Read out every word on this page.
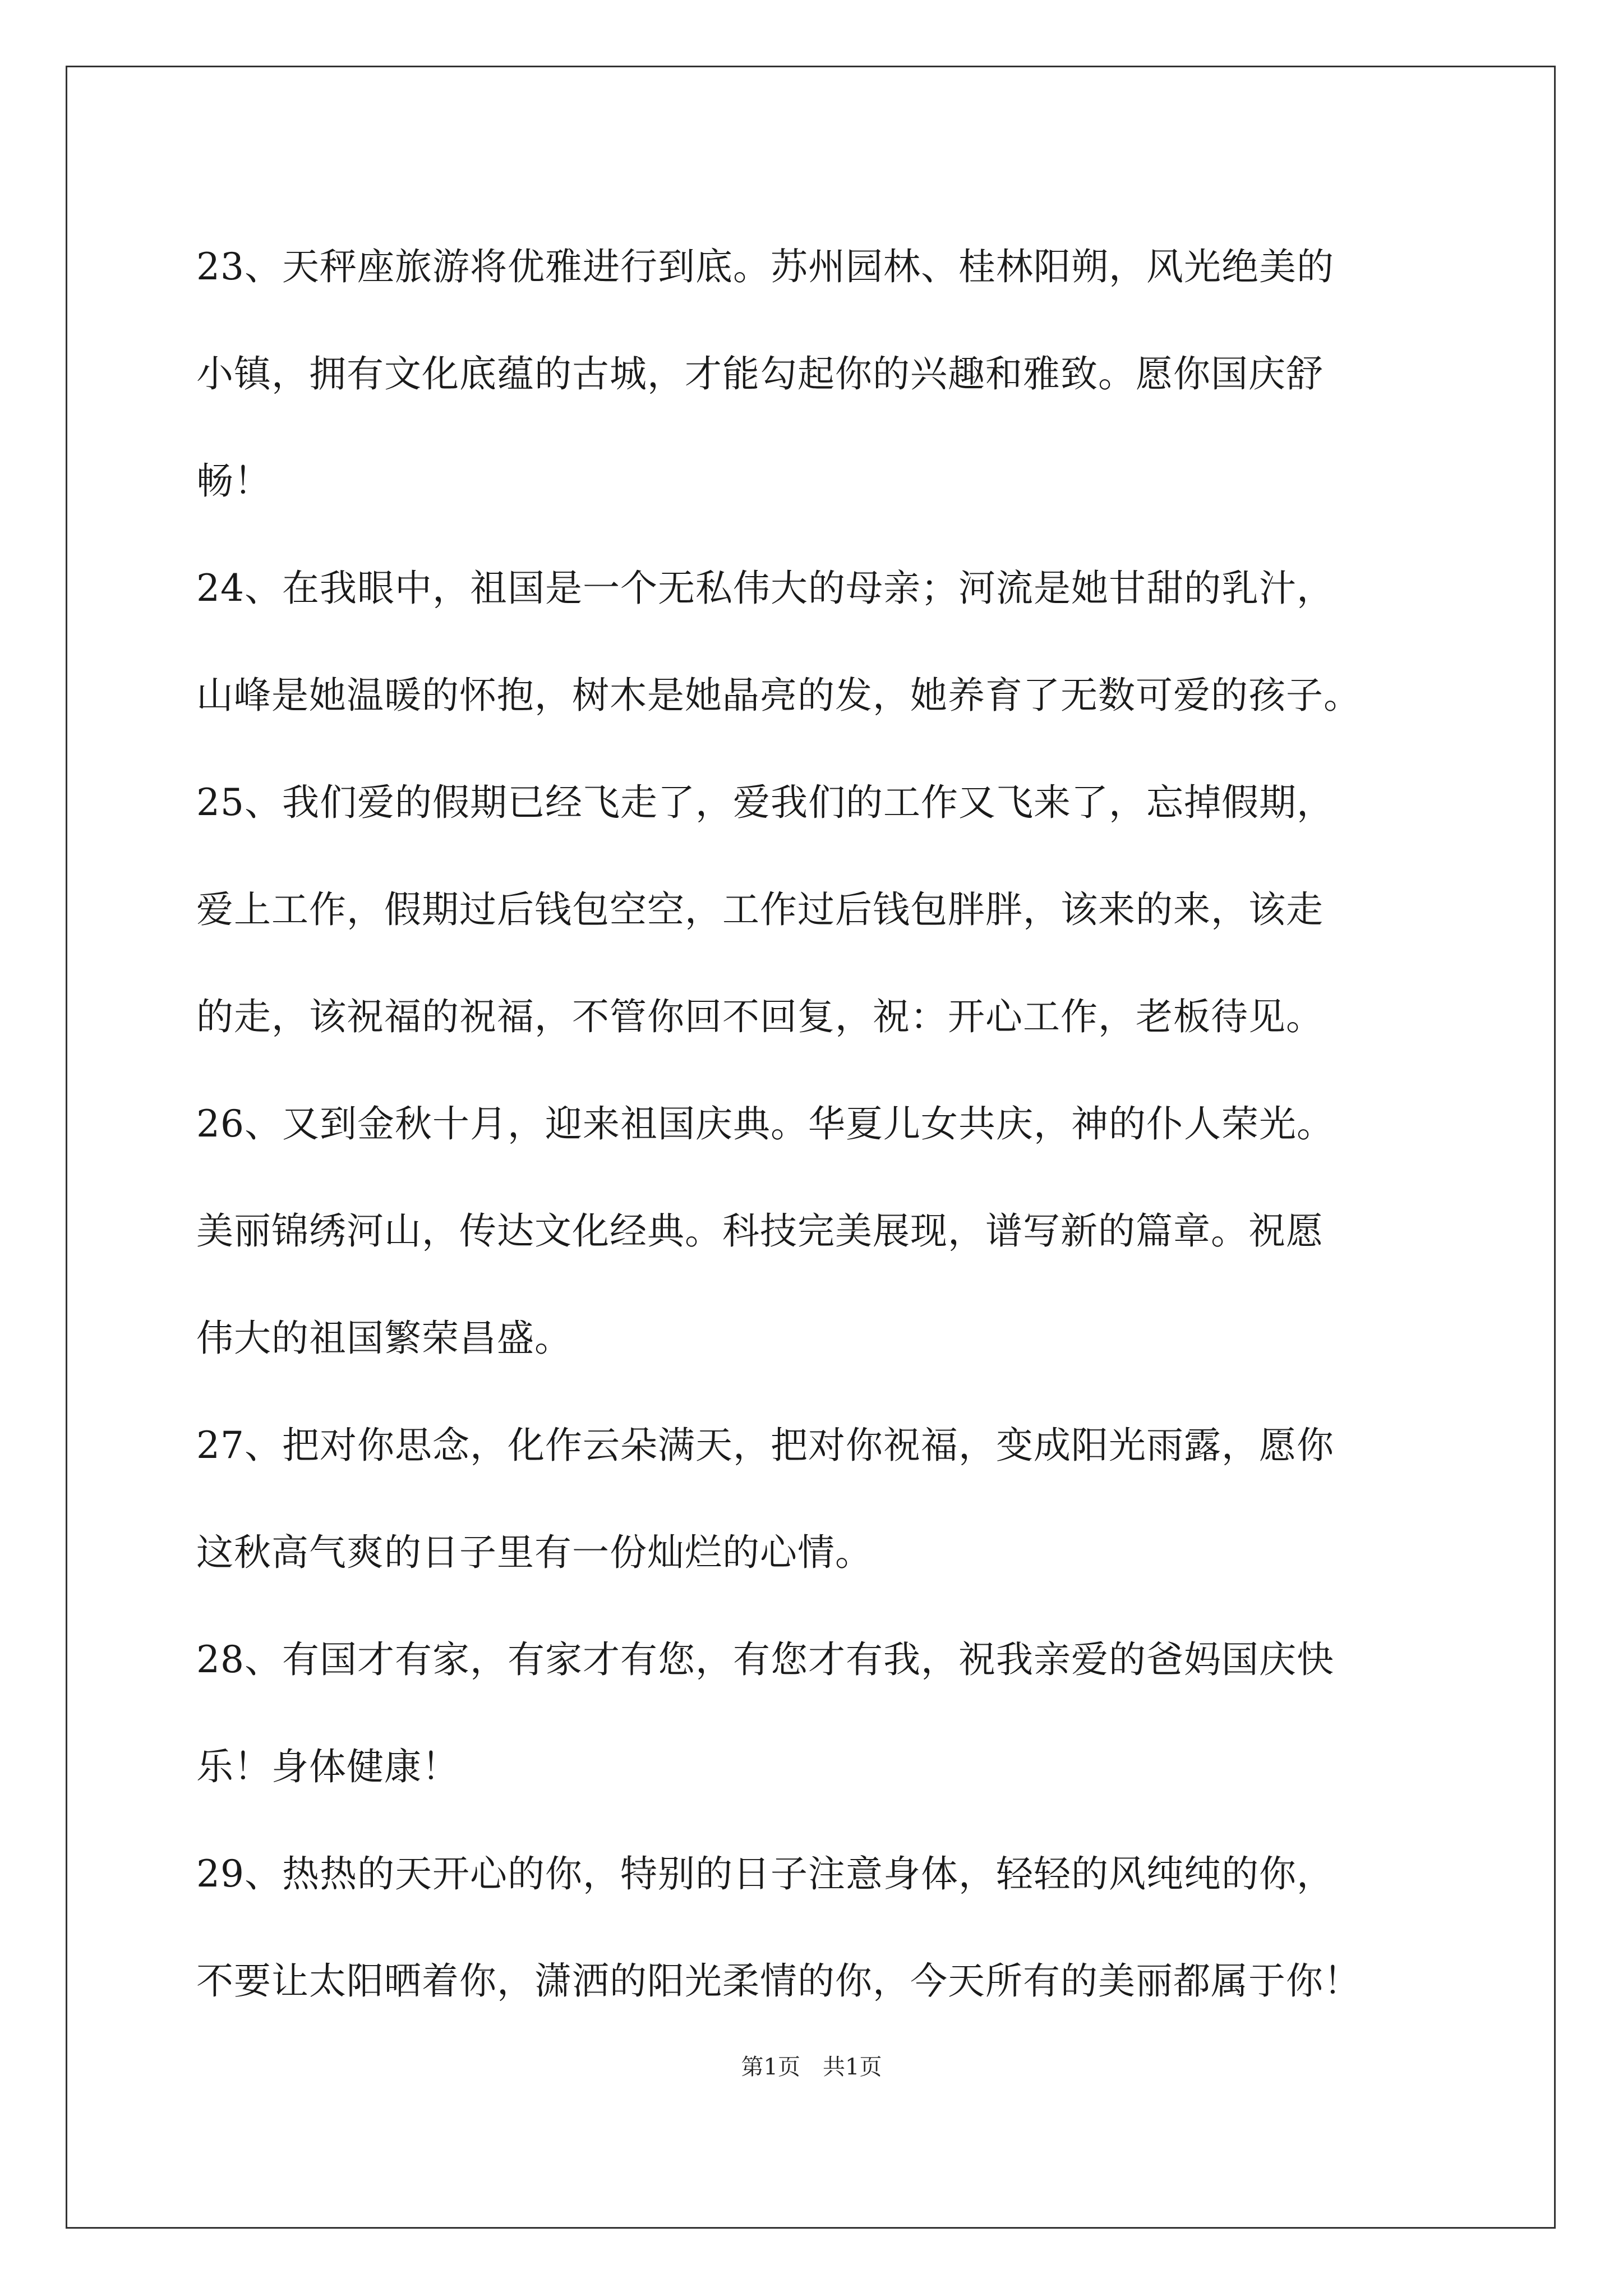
23、天秤座旅游将优雅进行到底。苏州园林、桂林阳朔，风光绝美的
小镇，拥有文化底蕴的古城，才能勾起你的兴趣和雅致。愿你国庆舒
畅！
24、在我眼中，祖国是一个无私伟大的母亲；河流是她甘甜的乳汁，
山峰是她温暖的怀抱，树木是她晶亮的发，她养育了无数可爱的孩子。
25、我们爱的假期已经飞走了，爱我们的工作又飞来了，忘掉假期，
爱上工作，假期过后钱包空空，工作过后钱包胖胖，该来的来，该走
的走，该祝福的祝福，不管你回不回复，祝：开心工作，老板待见。
26、又到金秋十月，迎来祖国庆典。华夏儿女共庆，神的仆人荣光。
美丽锦绣河山，传达文化经典。科技完美展现，谱写新的篇章。祝愿
伟大的祖国繁荣昌盛。
27、把对你思念，化作云朵满天，把对你祝福，变成阳光雨露，愿你
这秋高气爽的日子里有一份灿烂的心情。
28、有国才有家，有家才有您，有您才有我，祝我亲爱的爸妈国庆快
乐！身体健康！
29、热热的天开心的你，特别的日子注意身体，轻轻的风纯纯的你，
不要让太阳晒着你，潇洒的阳光柔情的你，今天所有的美丽都属于你！
第1页　共1页
